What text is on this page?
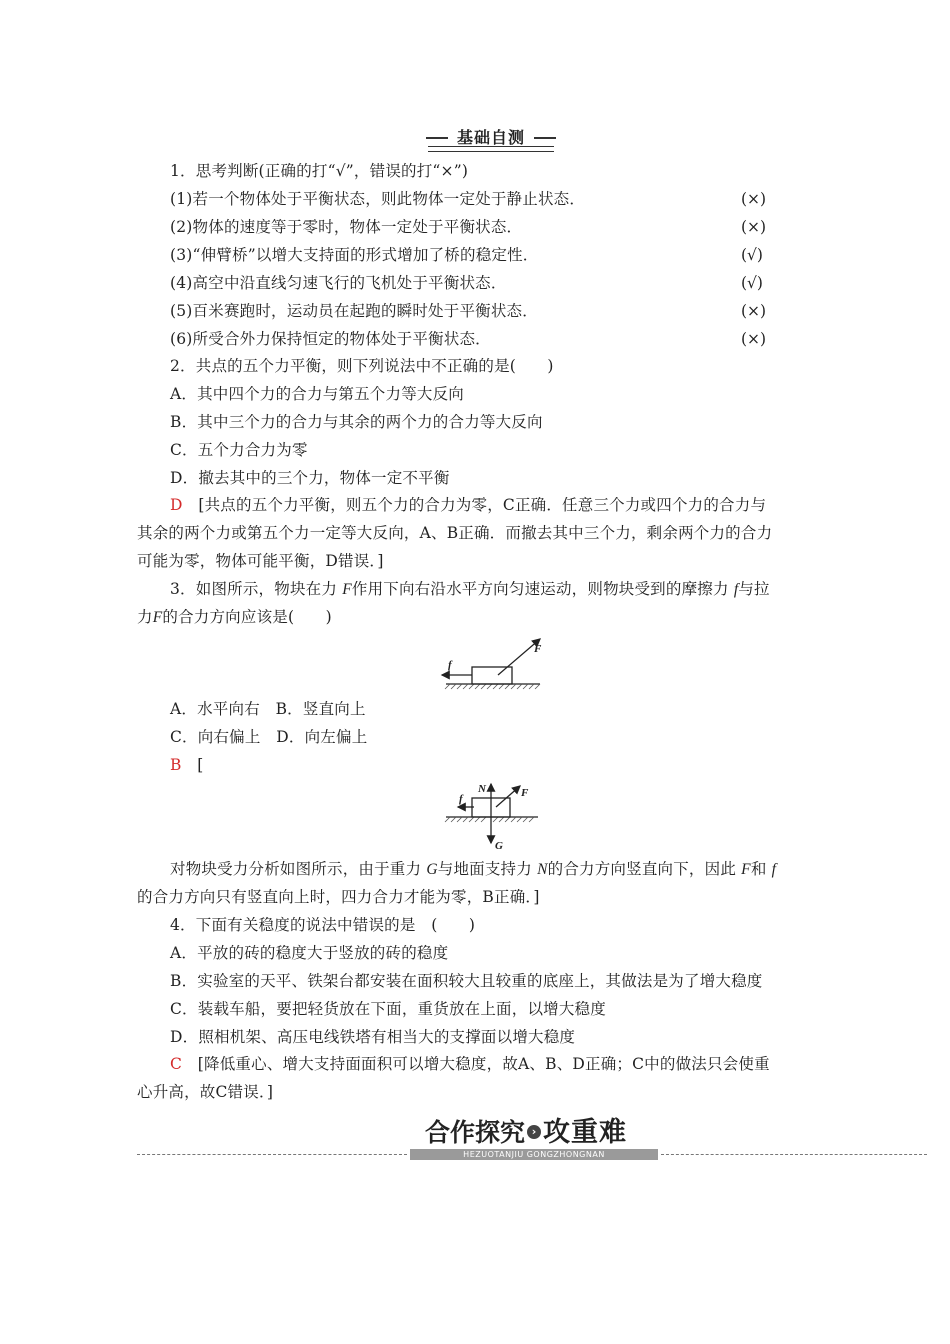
基础自测
1．思考判断(正确的打“√”，错误的打“×”)
(1)若一个物体处于平衡状态，则此物体一定处于静止状态．	(×)
(2)物体的速度等于零时，物体一定处于平衡状态．	(×)
(3)“伸臂桥”以增大支持面的形式增加了桥的稳定性．	(√)
(4)高空中沿直线匀速飞行的飞机处于平衡状态．	(√)
(5)百米赛跑时，运动员在起跑的瞬时处于平衡状态．	(×)
(6)所受合外力保持恒定的物体处于平衡状态．	(×)
2．共点的五个力平衡，则下列说法中不正确的是(　　)
A．其中四个力的合力与第五个力等大反向
B．其中三个力的合力与其余的两个力的合力等大反向
C．五个力合力为零
D．撤去其中的三个力，物体一定不平衡
D　 [共点的五个力平衡，则五个力的合力为零，C正确．任意三个力或四个力的合力与
其余的两个力或第五个力一定等大反向，A、B正确．而撤去其中三个力，剩余两个力的合力
可能为零，物体可能平衡，D错误．]
3．如图所示，物块在力 F作用下向右沿水平方向匀速运动，则物块受到的摩擦力 f与拉
力F的合力方向应该是(　　)
F
f
A．水平向右　B．竖直向上
C．向右偏上　D．向左偏上
B　 [
N	F
f
G
对物块受力分析如图所示，由于重力 G与地面支持力 N的合力方向竖直向下，因此 F和 f
的合力方向只有竖直向上时，四力合力才能为零，B正确．]
4．下面有关稳度的说法中错误的是　(　　)
A．平放的砖的稳度大于竖放的砖的稳度
B．实验室的天平、铁架台都安装在面积较大且较重的底座上，其做法是为了增大稳度
C．装载车船，要把轻货放在下面，重货放在上面，以增大稳度
D．照相机架、高压电线铁塔有相当大的支撑面以增大稳度
C　 [降低重心、增大支持面面积可以增大稳度，故A、B、D正确；C中的做法只会使重
心升高，故C错误．]
合作探究 › 攻重难
HEZUOTANJIU GONGZHONGNAN
